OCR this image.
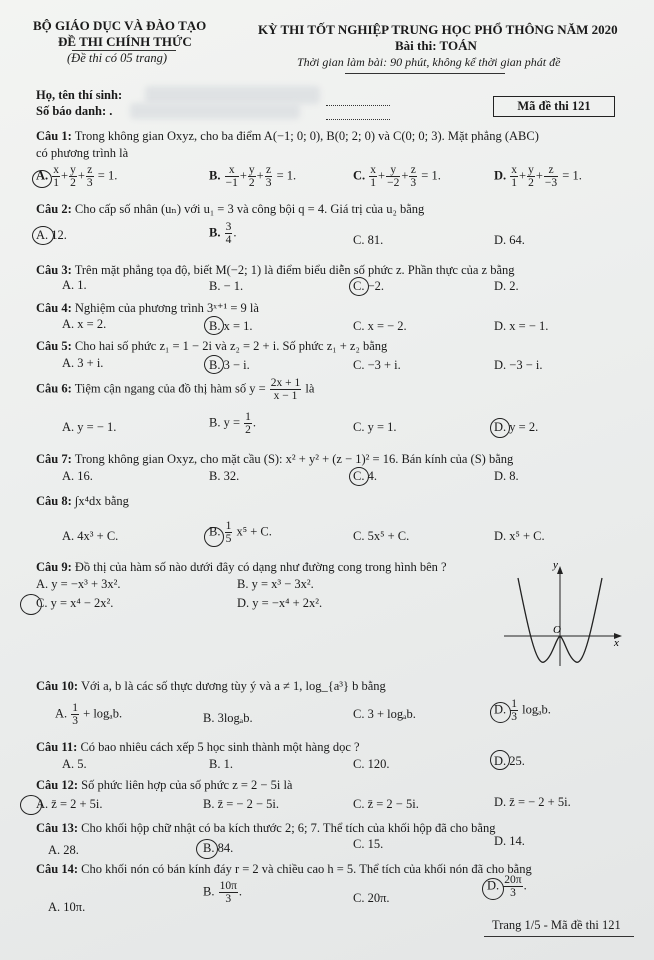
BỘ GIÁO DỤC VÀ ĐÀO TẠO	KỲ THI TỐT NGHIỆP TRUNG HỌC PHỔ THÔNG NĂM 2020
ĐỀ THI CHÍNH THỨC	Bài thi: TOÁN
(Đề thi có 05 trang)	Thời gian làm bài: 90 phút, không kể thời gian phát đề
Họ, tên thí sinh:
Số báo danh: .	Mã đề thi 121
Câu 1: Trong không gian Oxyz, cho ba điểm A(−1; 0; 0), B(0; 2; 0) và C(0; 0; 3). Mặt phẳng (ABC)
có phương trình là
A. $\frac{x}{1} + \frac{y}{2} + \frac{z}{3} = 1$.	B. $\frac{x}{-1} + \frac{y}{2} + \frac{z}{3} = 1$.	C. $\frac{x}{1} + \frac{y}{-2} + \frac{z}{3} = 1$.	D. $\frac{x}{1} + \frac{y}{2} + \frac{z}{-3} = 1$.
Câu 2: Cho cấp số nhân (uₙ) với u₁ = 3 và công bội q = 4. Giá trị của u₂ bằng
A. 12.	B. $\frac{3}{4}$ .
C. 81.	D. 64.
Câu 3: Trên mặt phẳng tọa độ, biết M(−2; 1) là điểm biểu diễn số phức z. Phần thực của z bằng
A. 1.	B. − 1.	C. −2.	D. 2.
Câu 4: Nghiệm của phương trình 3ˣ⁺¹ = 9 là
A. x = 2.	B. x = 1.	C. x = − 2.	D. x = − 1.
Câu 5: Cho hai số phức z₁ = 1 − 2i và z₂ = 2 + i. Số phức z₁ + z₂ bằng
A. 3 + i.	B. 3 − i.	C. −3 + i.	D. −3 − i.
Câu 6: Tiệm cận ngang của đồ thị hàm số $y = \frac{2x + 1}{x - 1}$ là
A. y = − 1.	B. $y = \frac{1}{2}$ .	C. y = 1.	D. y = 2.
Câu 7: Trong không gian Oxyz, cho mặt cầu (S): x² + y² + (z − 1)² = 16. Bán kính của (S) bằng
A. 16.	B. 32.	C. 4.	D. 8.
Câu 8: ∫x⁴dx bằng
A. 4x³ + C.	B. $\frac{1}{5} x^5 + C$.	C. 5x⁵ + C.	D. x⁵ + C.
Câu 9: Đồ thị của hàm số nào dưới đây có dạng như đường cong trong hình bên ?
A. y = −x³ + 3x².	B. y = x³ − 3x².
C. y = x⁴ − 2x².	D. y = −x⁴ + 2x².
y
x
O
Câu 10: Với a, b là các số thực dương tùy ý và a ≠ 1, log_{a³} b bằng
A. $\frac{1}{3} + \log_ab$.	B. 3logₐb.	C. 3 + logₐb.	D. $\frac{1}{3} \log_ab$.
Câu 11: Có bao nhiêu cách xếp 5 học sinh thành một hàng dọc ?
A. 5.	B. 1.	C. 120.	D. 25.
Câu 12: Số phức liên hợp của số phức z = 2 − 5i là
A. z̄ = 2 + 5i.	B. z̄ = − 2 − 5i.	C. z̄ = 2 − 5i.	D. z̄ = − 2 + 5i.
Câu 13: Cho khối hộp chữ nhật có ba kích thước 2; 6; 7. Thể tích của khối hộp đã cho bằng
A. 28.	B. 84.	C. 15.	D. 14.
Câu 14: Cho khối nón có bán kính đáy r = 2 và chiều cao h = 5. Thể tích của khối nón đã cho bằng
A. 10π.
B. $\frac{10\pi}{3}$ .	C. 20π.
D. $\frac{20\pi}{3}$ .
Trang 1/5 - Mã đề thi 121
